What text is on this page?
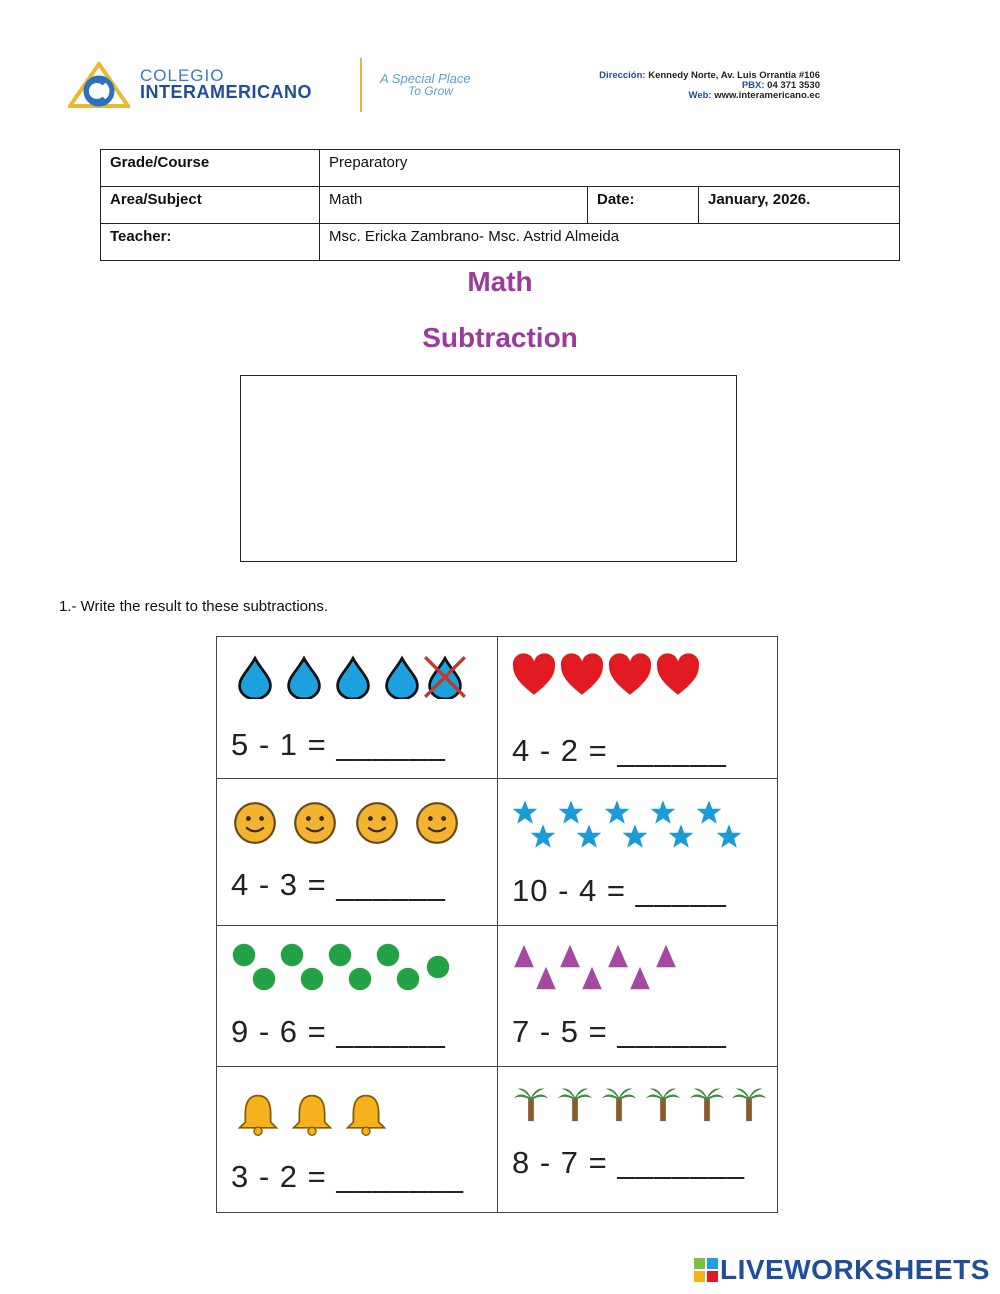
COLEGIO
INTERAMERICANO
A Special Place
To Grow
Dirección: Kennedy Norte, Av. Luis Orrantia #106
PBX: 04 371 3530
Web: www.interamericano.ec
Grade/Course	Preparatory		
Area/Subject	Math	Date:	January, 2026.
Teacher:	Msc. Ericka Zambrano- Msc. Astrid Almeida		
Math
Subtraction
1.- Write the result to these subtractions.
5 - 1 = ______ 4 - 2 = ______
4 - 3 = ______ 10 - 4 = _____
9 - 6 = ______ 7 - 5 = ______
3 - 2 = _______ 8 - 7 = _______
LIVEWORKSHEETS
